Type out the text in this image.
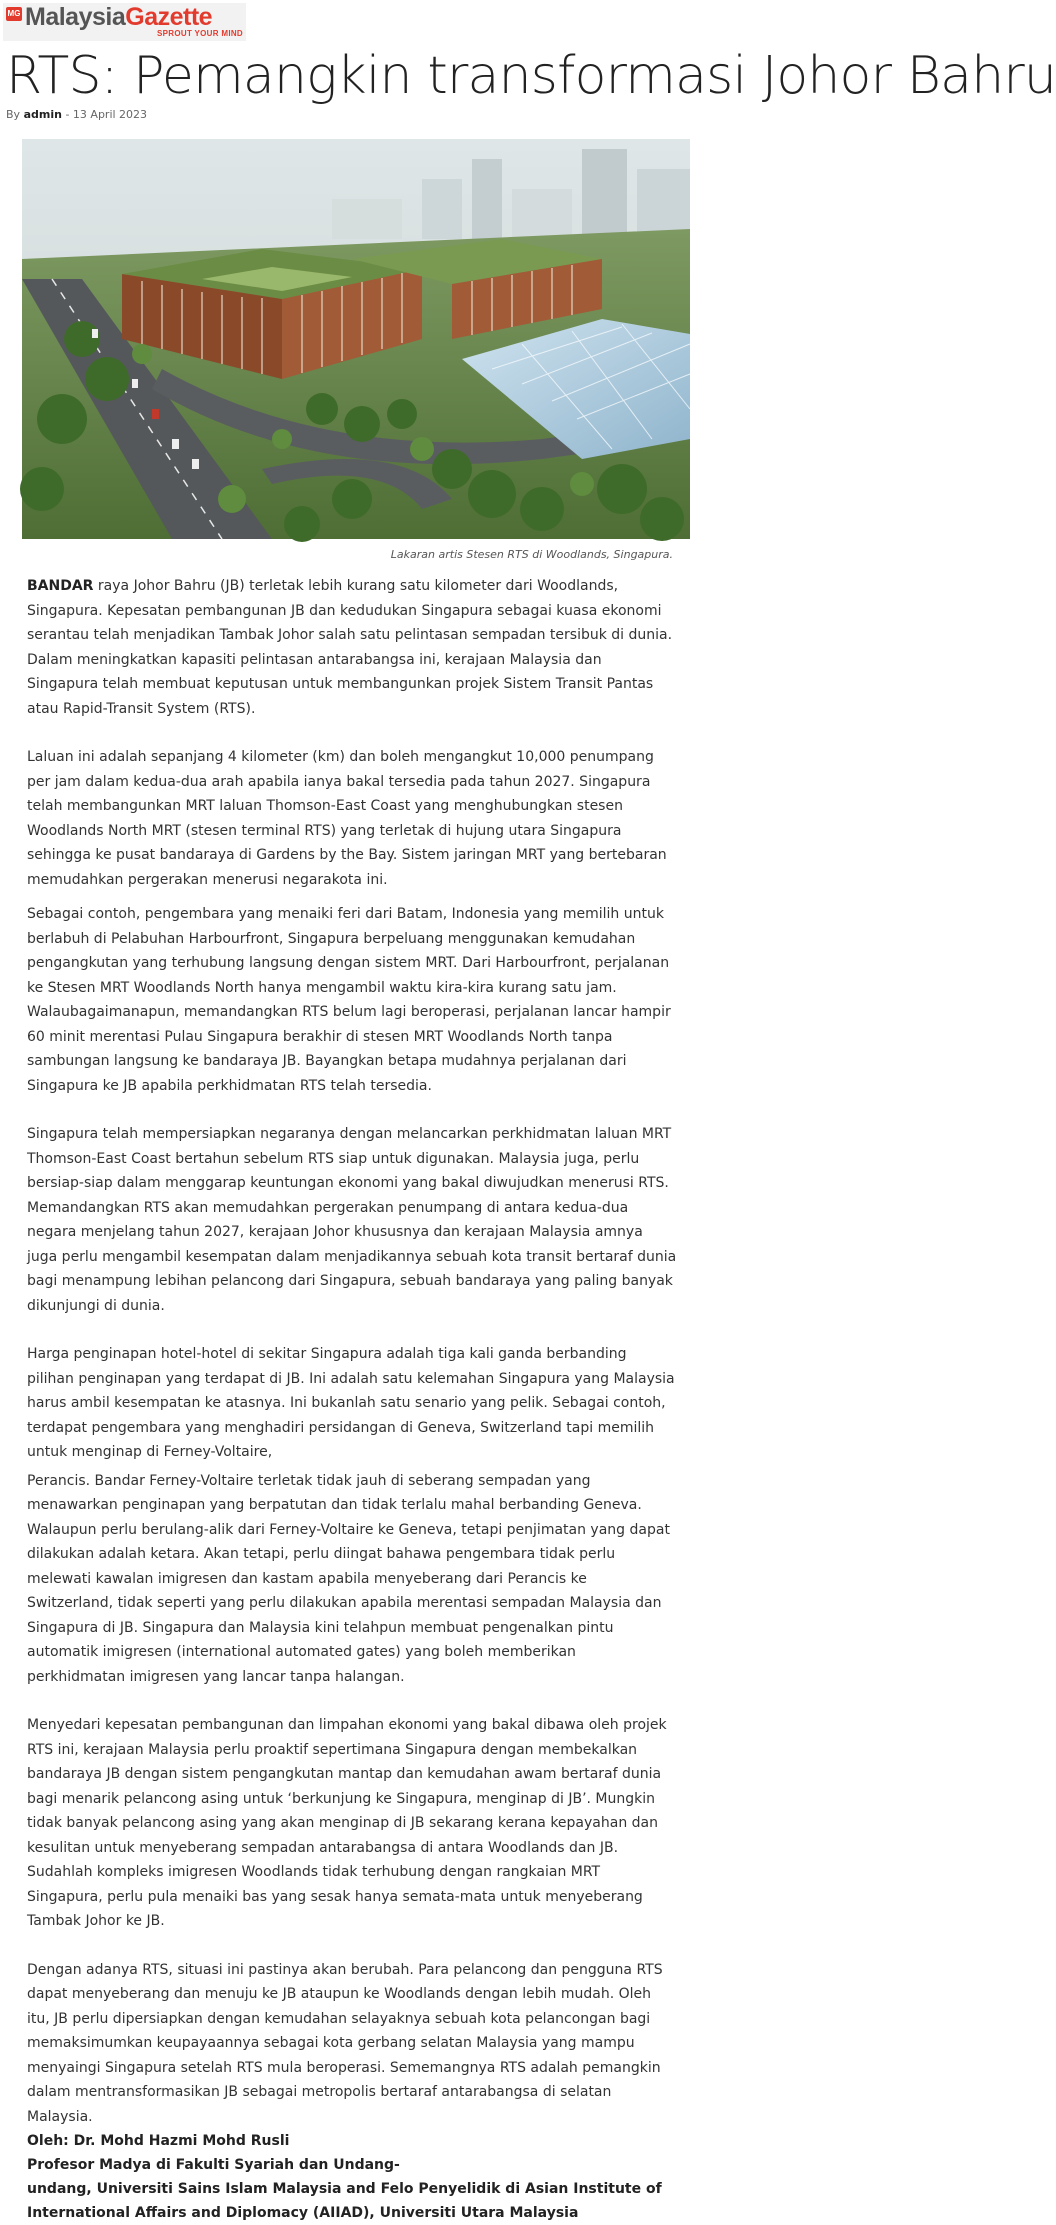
MG MalaysiaGazette
SPROUT YOUR MIND
RTS: Pemangkin transformasi Johor Bahru
By admin - 13 April 2023
Lakaran artis Stesen RTS di Woodlands, Singapura.

BANDAR raya Johor Bahru (JB) terletak lebih kurang satu kilometer dari Woodlands, Singapura. Kepesatan pembangunan JB dan kedudukan Singapura sebagai kuasa ekonomi serantau telah menjadikan Tambak Johor salah satu pelintasan sempadan tersibuk di dunia. Dalam meningkatkan kapasiti pelintasan antarabangsa ini, kerajaan Malaysia dan Singapura telah membuat keputusan untuk membangunkan projek Sistem Transit Pantas atau Rapid-Transit System (RTS).

Laluan ini adalah sepanjang 4 kilometer (km) dan boleh mengangkut 10,000 penumpang per jam dalam kedua-dua arah apabila ianya bakal tersedia pada tahun 2027. Singapura telah membangunkan MRT laluan Thomson-East Coast yang menghubungkan stesen Woodlands North MRT (stesen terminal RTS) yang terletak di hujung utara Singapura sehingga ke pusat bandaraya di Gardens by the Bay. Sistem jaringan MRT yang bertebaran memudahkan pergerakan menerusi negarakota ini.

Sebagai contoh, pengembara yang menaiki feri dari Batam, Indonesia yang memilih untuk berlabuh di Pelabuhan Harbourfront, Singapura berpeluang menggunakan kemudahan pengangkutan yang terhubung langsung dengan sistem MRT. Dari Harbourfront, perjalanan ke Stesen MRT Woodlands North hanya mengambil waktu kira-kira kurang satu jam. Walaubagaimanapun, memandangkan RTS belum lagi beroperasi, perjalanan lancar hampir 60 minit merentasi Pulau Singapura berakhir di stesen MRT Woodlands North tanpa sambungan langsung ke bandaraya JB. Bayangkan betapa mudahnya perjalanan dari Singapura ke JB apabila perkhidmatan RTS telah tersedia.

Singapura telah mempersiapkan negaranya dengan melancarkan perkhidmatan laluan MRT Thomson-East Coast bertahun sebelum RTS siap untuk digunakan. Malaysia juga, perlu bersiap-siap dalam menggarap keuntungan ekonomi yang bakal diwujudkan menerusi RTS. Memandangkan RTS akan memudahkan pergerakan penumpang di antara kedua-dua negara menjelang tahun 2027, kerajaan Johor khususnya dan kerajaan Malaysia amnya juga perlu mengambil kesempatan dalam menjadikannya sebuah kota transit bertaraf dunia bagi menampung lebihan pelancong dari Singapura, sebuah bandaraya yang paling banyak dikunjungi di dunia.

Harga penginapan hotel-hotel di sekitar Singapura adalah tiga kali ganda berbanding pilihan penginapan yang terdapat di JB. Ini adalah satu kelemahan Singapura yang Malaysia harus ambil kesempatan ke atasnya. Ini bukanlah satu senario yang pelik. Sebagai contoh, terdapat pengembara yang menghadiri persidangan di Geneva, Switzerland tapi memilih untuk menginap di Ferney-Voltaire,

Perancis. Bandar Ferney-Voltaire terletak tidak jauh di seberang sempadan yang menawarkan penginapan yang berpatutan dan tidak terlalu mahal berbanding Geneva. Walaupun perlu berulang-alik dari Ferney-Voltaire ke Geneva, tetapi penjimatan yang dapat dilakukan adalah ketara. Akan tetapi, perlu diingat bahawa pengembara tidak perlu melewati kawalan imigresen dan kastam apabila menyeberang dari Perancis ke Switzerland, tidak seperti yang perlu dilakukan apabila merentasi sempadan Malaysia dan Singapura di JB. Singapura dan Malaysia kini telahpun membuat pengenalkan pintu automatik imigresen (international automated gates) yang boleh memberikan perkhidmatan imigresen yang lancar tanpa halangan.

Menyedari kepesatan pembangunan dan limpahan ekonomi yang bakal dibawa oleh projek RTS ini, kerajaan Malaysia perlu proaktif sepertimana Singapura dengan membekalkan bandaraya JB dengan sistem pengangkutan mantap dan kemudahan awam bertaraf dunia bagi menarik pelancong asing untuk ‘berkunjung ke Singapura, menginap di JB’. Mungkin tidak banyak pelancong asing yang akan menginap di JB sekarang kerana kepayahan dan kesulitan untuk menyeberang sempadan antarabangsa di antara Woodlands dan JB. Sudahlah kompleks imigresen Woodlands tidak terhubung dengan rangkaian MRT Singapura, perlu pula menaiki bas yang sesak hanya semata-mata untuk menyeberang Tambak Johor ke JB.

Dengan adanya RTS, situasi ini pastinya akan berubah. Para pelancong dan pengguna RTS dapat menyeberang dan menuju ke JB ataupun ke Woodlands dengan lebih mudah. Oleh itu, JB perlu dipersiapkan dengan kemudahan selayaknya sebuah kota pelancongan bagi memaksimumkan keupayaannya sebagai kota gerbang selatan Malaysia yang mampu menyaingi Singapura setelah RTS mula beroperasi. Sememangnya RTS adalah pemangkin dalam mentransformasikan JB sebagai metropolis bertaraf antarabangsa di selatan Malaysia.

Oleh: Dr. Mohd Hazmi Mohd Rusli
Profesor Madya di Fakulti Syariah dan Undang-
undang, Universiti Sains Islam Malaysia and Felo Penyelidik di Asian Institute of International Affairs and Diplomacy (AIIAD), Universiti Utara Malaysia
